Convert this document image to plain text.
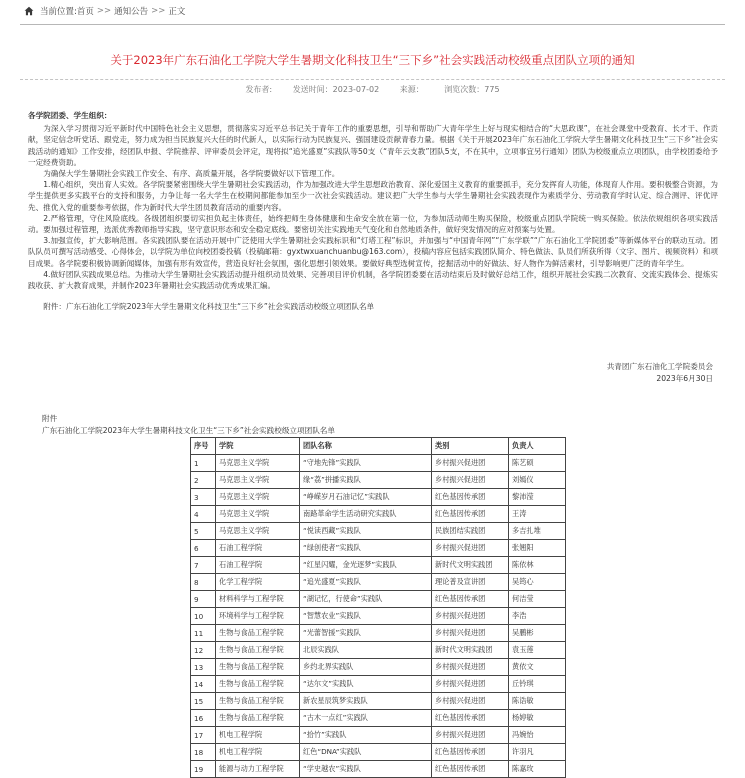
当前位置: 首页 >> 通知公告 >> 正文
关于2023年广东石油化工学院大学生暑期文化科技卫生“三下乡”社会实践活动校级重点团队立项的通知
发布者:	发送时间：2023-07-02	来源：	浏览次数：775

各学院团委、学生组织：

为深入学习贯彻习近平新时代中国特色社会主义思想，贯彻落实习近平总书记关于青年工作的重要思想，引导和帮助广大青年学生上好与现实相结合的“大思政课”，在社会课堂中受教育、长才干、作贡献，坚定信念听党话、跟党走，努力成为担当民族复兴大任的时代新人，以实际行动为民族复兴、强国建设贡献青春力量。根据《关于开展2023年广东石油化工学院大学生暑期文化科技卫生“三下乡”社会实践活动的通知》工作安排，经团队申报、学院推荐、评审委员会评定，现将拟“追光盛夏”实践队等50支（“青年云支教”团队5支，不在其中，立项事宜另行通知）团队为校级重点立项团队，由学校团委给予一定经费资助。

为确保大学生暑期社会实践工作安全、有序、高质量开展，各学院要做好以下管理工作。

1.精心组织，突出育人实效。各学院要紧密围绕大学生暑期社会实践活动，作为加强改进大学生思想政治教育、深化爱国主义教育的重要抓手，充分发挥育人功能，体现育人作用。要积极整合资源，为学生提供更多实践平台的支持和服务，力争让每一名大学生在校期间都能参加至少一次社会实践活动。建议把广大学生参与大学生暑期社会实践表现作为素质学分、劳动教育学时认定、综合测评、评优评先、推优入党的重要参考依据，作为新时代大学生团员教育活动的重要内容。

2.严格管理，守住风险底线。各级团组织要切实担负起主体责任，始终把师生身体健康和生命安全放在第一位，为参加活动师生购买保险，校级重点团队学院统一购买保险。依法依规组织各项实践活动。要加强过程管理，选派优秀教师指导实践，坚守意识形态和安全稳定底线。要密切关注实践地天气变化和自然地质条件，做好突发情况的应对预案与处置。

3.加强宣传，扩大影响范围。各实践团队要在活动开展中广泛使用大学生暑期社会实践标识和“灯塔工程”标识，并加强与“中国青年网”“广东学联”“广东石油化工学院团委”等新媒体平台的联动互动。团队队员可撰写活动感受、心得体会，以学院为单位向校团委投稿（投稿邮箱：gyxtwxuanchuanbu@163.com），投稿内容应包括实践团队简介、特色做法、队员们所获所得（文字、图片、视频资料）和项目成果。各学院要积极协调新闻媒体，加强有形有效宣传，营造良好社会氛围，强化思想引领效果。要做好典型选树宣传，挖掘活动中的好做法、好人物作为鲜活素材，引导影响更广泛的青年学生。

4.做好团队实践成果总结。为推动大学生暑期社会实践活动提升组织动员效果、完善项目评价机制，各学院团委要在活动结束后及时做好总结工作，组织开展社会实践二次教育、交流实践体会、提炼实践收获、扩大教育成果，并制作2023年暑期社会实践活动优秀成果汇编。

附件：广东石油化工学院2023年大学生暑期文化科技卫生“三下乡”社会实践活动校级立项团队名单

共青团广东石油化工学院委员会
2023年6月30日
附件
广东石油化工学院2023年大学生暑期科技文化卫生“三下乡”社会实践校级立项团队名单
序号	学院	团队名称	类别	负责人
1	马克思主义学院	“守地先锋”实践队	乡村振兴促进团	陈艺硕
2	马克思主义学院	缘“荔”拼播实践队	乡村振兴促进团	刘嫣仪
3	马克思主义学院	“峥嵘岁月石油记忆”实践队	红色基因传承团	黎沛滢
4	马克思主义学院	南路革命学生活动研究实践队	红色基因传承团	王涛
5	马克思主义学院	“悦读西藏”实践队	民族团结实践团	多吉扎堆
6	石油工程学院	“绿创使者”实践队	乡村振兴促进团	张翘阳
7	石油工程学院	“红星闪耀，金光逐梦”实践队	新时代文明实践团	陈依林
8	化学工程学院	“追光盛夏”实践队	理论普及宣讲团	吴筠心
9	材料科学与工程学院	“湖记忆，行使命”实践队	红色基因传承团	何洁莹
10	环境科学与工程学院	“智慧农业”实践队	乡村振兴促进团	李浩
11	生物与食品工程学院	“光蕾智援”实践队	乡村振兴促进团	吴鹏彬
12	生物与食品工程学院	北辰实践队	新时代文明实践团	袁玉莲
13	生物与食品工程学院	乡约北界实践队	乡村振兴促进团	黄依文
14	生物与食品工程学院	“达尔文”实践队	乡村振兴促进团	丘钤琪
15	生物与食品工程学院	新农星辰筑梦实践队	乡村振兴促进团	陈诰敏
16	生物与食品工程学院	“古木一点红”实践队	红色基因传承团	杨婷敏
17	机电工程学院	“拾竹”实践队	乡村振兴促进团	冯婉怡
18	机电工程学院	红色“DNA”实践队	红色基因传承团	许羽凡
19	能源与动力工程学院	“学史越农”实践队	红色基因传承团	陈嘉玫
